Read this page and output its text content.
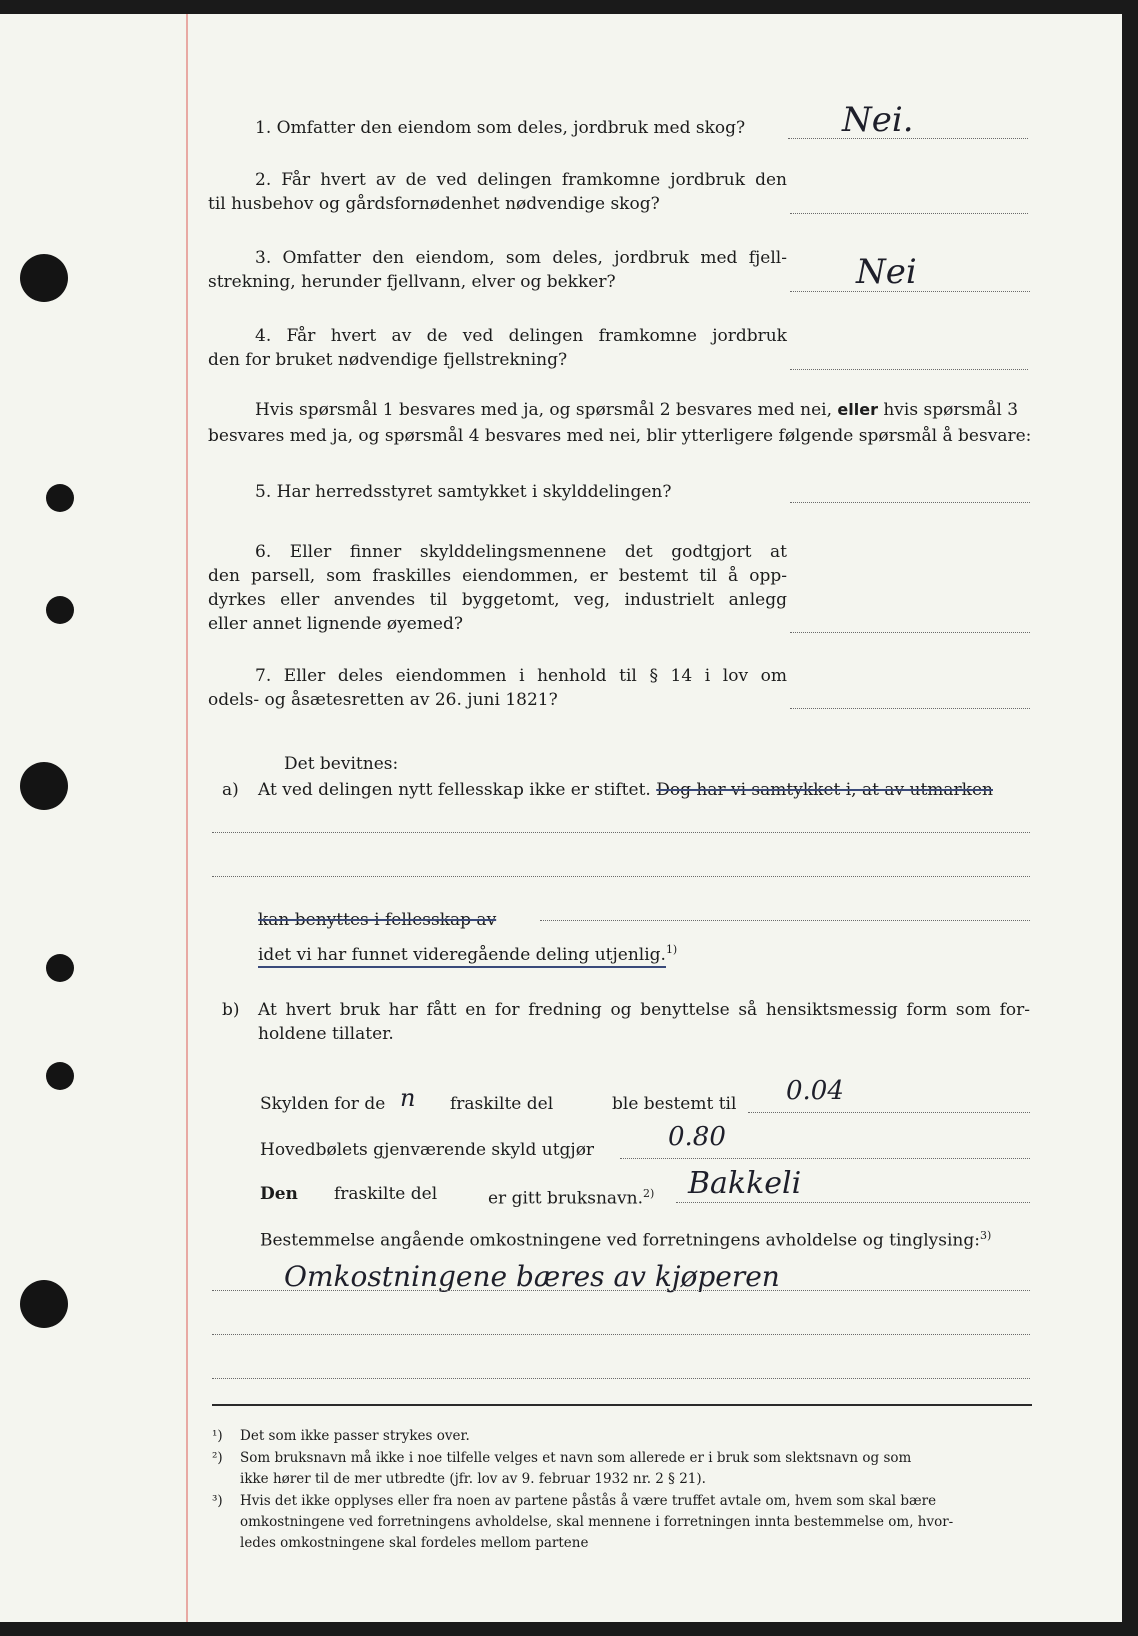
1. Omfatter den eiendom som deles, jordbruk med skog?	Nei.
2. Får hvert av de ved delingen framkomne jordbruk den
til husbehov og gårdsfornødenhet nødvendige skog?
3. Omfatter den eiendom, som deles, jordbruk med fjell-
strekning, herunder fjellvann, elver og bekker?	Nei
4. Får hvert av de ved delingen framkomne jordbruk
den for bruket nødvendige fjellstrekning?
Hvis spørsmål 1 besvares med ja, og spørsmål 2 besvares med nei, eller hvis spørsmål 3
besvares med ja, og spørsmål 4 besvares med nei, blir ytterligere følgende spørsmål å besvare:
5. Har herredsstyret samtykket i skylddelingen?
6. Eller finner skylddelingsmennene det godtgjort at
den parsell, som fraskilles eiendommen, er bestemt til å opp-
dyrkes eller anvendes til byggetomt, veg, industrielt anlegg
eller annet lignende øyemed?
7. Eller deles eiendommen i henhold til § 14 i lov om
odels- og åsætesretten av 26. juni 1821?
Det bevitnes:
a) At ved delingen nytt fellesskap ikke er stiftet. Dog har vi samtykket i, at av utmarken
kan benyttes i fellesskap av
idet vi har funnet videregående deling utjenlig.$^{1)}$
b) At hvert bruk har fått en for fredning og benyttelse så hensiktsmessig form som for-
holdene tillater.
Skylden for de n fraskilte del	ble bestemt til 0.04
Hovedbølets gjenværende skyld utgjør	0.80
Den fraskilte del	er gitt bruksnavn.$^{2)}$ Bakkeli
Bestemmelse angående omkostningene ved forretningens avholdelse og tinglysing:$^{3)}$
Omkostningene bæres av kjøperen
¹) Det som ikke passer strykes over.
²) Som bruksnavn må ikke i noe tilfelle velges et navn som allerede er i bruk som slektsnavn og som
ikke hører til de mer utbredte (jfr. lov av 9. februar 1932 nr. 2 § 21).
³) Hvis det ikke opplyses eller fra noen av partene påstås å være truffet avtale om, hvem som skal bære
omkostningene ved forretningens avholdelse, skal mennene i forretningen innta bestemmelse om, hvor-
ledes omkostningene skal fordeles mellom partene
